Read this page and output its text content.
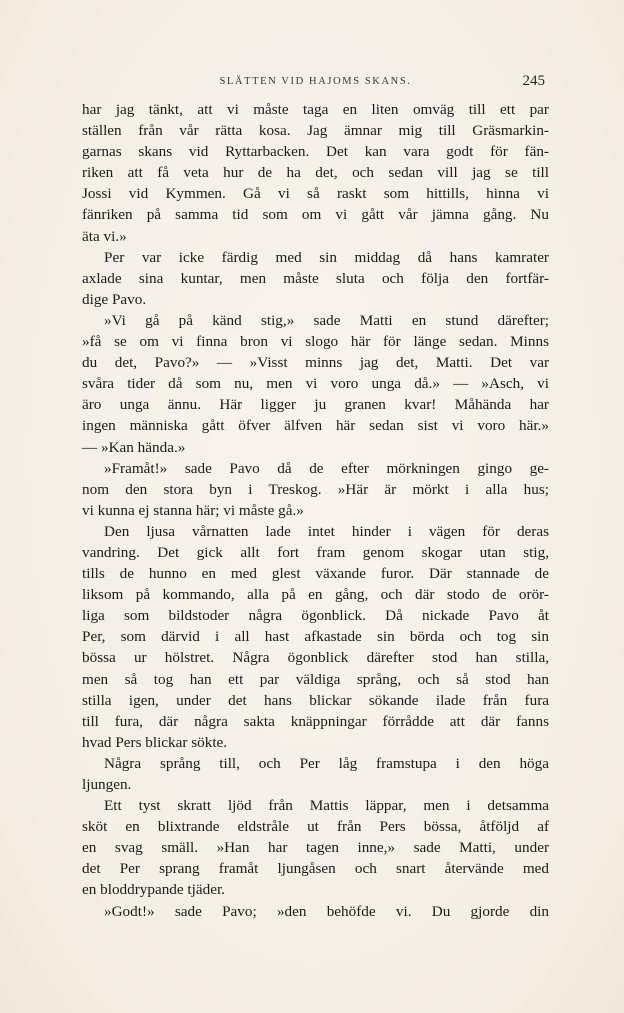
SLÄTTEN VID HAJOMS SKANS.	245
har jag tänkt, att vi måste taga en liten omväg till ett par
ställen från vår rätta kosa. Jag ämnar mig till Gräsmarkin-
garnas skans vid Ryttarbacken. Det kan vara godt för fän-
riken att få veta hur de ha det, och sedan vill jag se till
Jossi vid Kymmen. Gå vi så raskt som hittills, hinna vi
fänriken på samma tid som om vi gått vår jämna gång. Nu
äta vi.»
Per var icke färdig med sin middag då hans kamrater
axlade sina kuntar, men måste sluta och följa den fortfär-
dige Pavo.
»Vi gå på känd stig,» sade Matti en stund därefter;
»få se om vi finna bron vi slogo här för länge sedan. Minns
du det, Pavo?» — »Visst minns jag det, Matti. Det var
svåra tider då som nu, men vi voro unga då.» — »Asch, vi
äro unga ännu. Här ligger ju granen kvar! Måhända har
ingen människa gått öfver älfven här sedan sist vi voro här.»
— »Kan hända.»
»Framåt!» sade Pavo då de efter mörkningen gingo ge-
nom den stora byn i Treskog. »Här är mörkt i alla hus;
vi kunna ej stanna här; vi måste gå.»
Den ljusa vårnatten lade intet hinder i vägen för deras
vandring. Det gick allt fort fram genom skogar utan stig,
tills de hunno en med glest växande furor. Där stannade de
liksom på kommando, alla på en gång, och där stodo de orör-
liga som bildstoder några ögonblick. Då nickade Pavo åt
Per, som därvid i all hast afkastade sin börda och tog sin
bössa ur hölstret. Några ögonblick därefter stod han stilla,
men så tog han ett par väldiga språng, och så stod han
stilla igen, under det hans blickar sökande ilade från fura
till fura, där några sakta knäppningar förrådde att där fanns
hvad Pers blickar sökte.
Några språng till, och Per låg framstupa i den höga
ljungen.
Ett tyst skratt ljöd från Mattis läppar, men i detsamma
sköt en blixtrande eldstråle ut från Pers bössa, åtföljd af
en svag smäll. »Han har tagen inne,» sade Matti, under
det Per sprang framåt ljungåsen och snart återvände med
en bloddrypande tjäder.
»Godt!» sade Pavo; »den behöfde vi. Du gjorde din
